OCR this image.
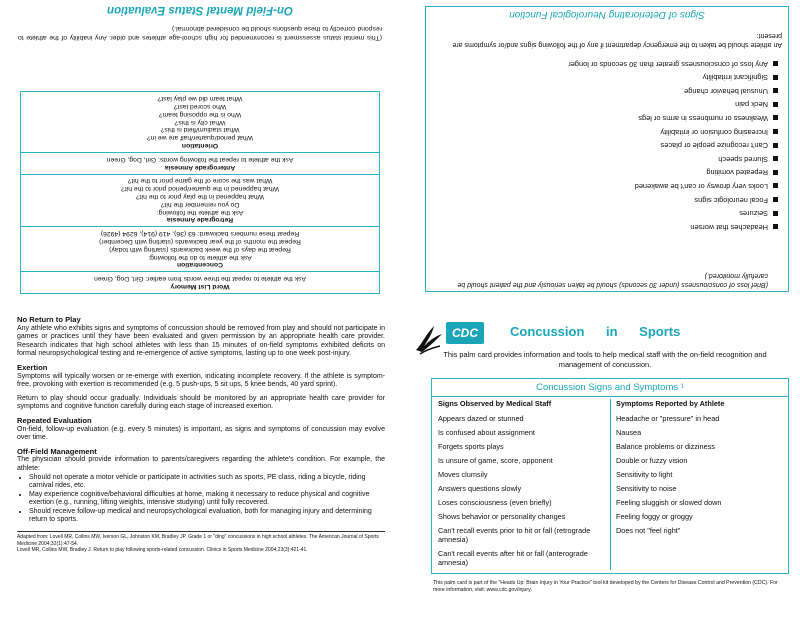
On-Field Mental Status Evaluation
(This mental status assessment is recommended for high school-age athletes and older. Any inability of the athlete to respond correctly to these questions should be considered abnormal.)
Word List Memory
Ask the athlete to repeat the three words from earlier: Girl, Dog, Green
Concentration
Ask the athlete to do the following:
Repeat the days of the week backwards (starting with today)
Repeat the months of the year backwards (starting with December)
Repeat these numbers backward: 63 (36), 419 (914), 6294 (4926)
Retrograde Amnesia
Ask the athlete the following:
Do you remember the hit?
What happened in the play prior to the hit?
What happened in the quarter/period prior to the hit?
What was the score of the game prior to the hit?
Anterograde Amnesia
Ask the athlete to repeat the following words: Girl, Dog, Green
Orientation
What period/quarter/half are we in?
What stadium/field is this?
What city is this?
Who is the opposing team?
Who scored last?
What team did we play last?
Signs of Deteriorating Neurological Function
An athlete should be taken to the emergency department if any of the following signs and/or symptoms are present:
Headaches that worsen
Seizures
Focal neurologic signs
Looks very drowsy or can't be awakened
Repeated vomiting
Slurred speech
Can't recognize people or places
Increasing confusion or irritability
Weakness or numbness in arms or legs
Neck pain
Unusual behavior change
Significant irritability
Any loss of consciousness greater than 30 seconds or longer
(Brief loss of consciousness (under 30 seconds) should be taken seriously and the patient should be carefully monitored.)
No Return to Play

Any athlete who exhibits signs and symptoms of concussion should be removed from play and should not participate in games or practices until they have been evaluated and given permission by an appropriate health care provider. Research indicates that high school athletes with less than 15 minutes of on-field symptoms exhibited deficits on formal neuropsychological testing and re-emergence of active symptoms, lasting up to one week post-injury.

Exertion

Symptoms will typically worsen or re-emerge with exertion, indicating incomplete recovery. If the athlete is symptom-free, provoking with exertion is recommended (e.g. 5 push-ups, 5 sit ups, 5 knee bends, 40 yard sprint).

Return to play should occur gradually. Individuals should be monitored by an appropriate health care provider for symptoms and cognitive function carefully during each stage of increased exertion.

Repeated Evaluation

On-field, follow-up evaluation (e.g. every 5 minutes) is important, as signs and symptoms of concussion may evolve over time.

Off-Field Management

The physician should provide information to parents/caregivers regarding the athlete's condition. For example, the athlete:

• Should not operate a motor vehicle or participate in activities such as sports, PE class, riding a bicycle, riding carnival rides, etc.
• May experience cognitive/behavioral difficulties at home, making it necessary to reduce physical and cognitive exertion (e.g., running, lifting weights, intensive studying) until fully recovered.
• Should receive follow-up medical and neuropsychological evaluation, both for managing injury and determining return to sports.
Adapted from: Lovell MR, Collins MW, Iverson GL, Johnston KM, Bradley JP. Grade 1 or "ding" concussions in high school athletes. The American Journal of Sports Medicine 2004;32(1):47-54.
Lovell MR, Collins MW, Bradley J. Return to play following sports-related concussion. Clinics in Sports Medicine 2004;23(3):421-41.
CDC	Concussion in Sports
This palm card provides information and tools to help medical staff with the on-field recognition and management of concussion.
Concussion Signs and Symptoms ¹
Signs Observed by Medical Staff
Appears dazed or stunned
Is confused about assignment
Forgets sports plays
Is unsure of game, score, opponent
Moves clumsily
Answers questions slowly
Loses consciousness (even briefly)
Shows behavior or personality changes
Can't recall events prior to hit or fall (retrograde amnesia)
Can't recall events after hit or fall (anterograde amnesia)
Symptoms Reported by Athlete
Headache or "pressure" in head
Nausea
Balance problems or dizziness
Double or fuzzy vision
Sensitivity to light
Sensitivity to noise
Feeling sluggish or slowed down
Feeling foggy or groggy
Does not "feel right"
This palm card is part of the "Heads Up: Brain Injury in Your Practice" tool kit developed by the Centers for Disease Control and Prevention (CDC). For more information, visit: www.cdc.gov/injury.
